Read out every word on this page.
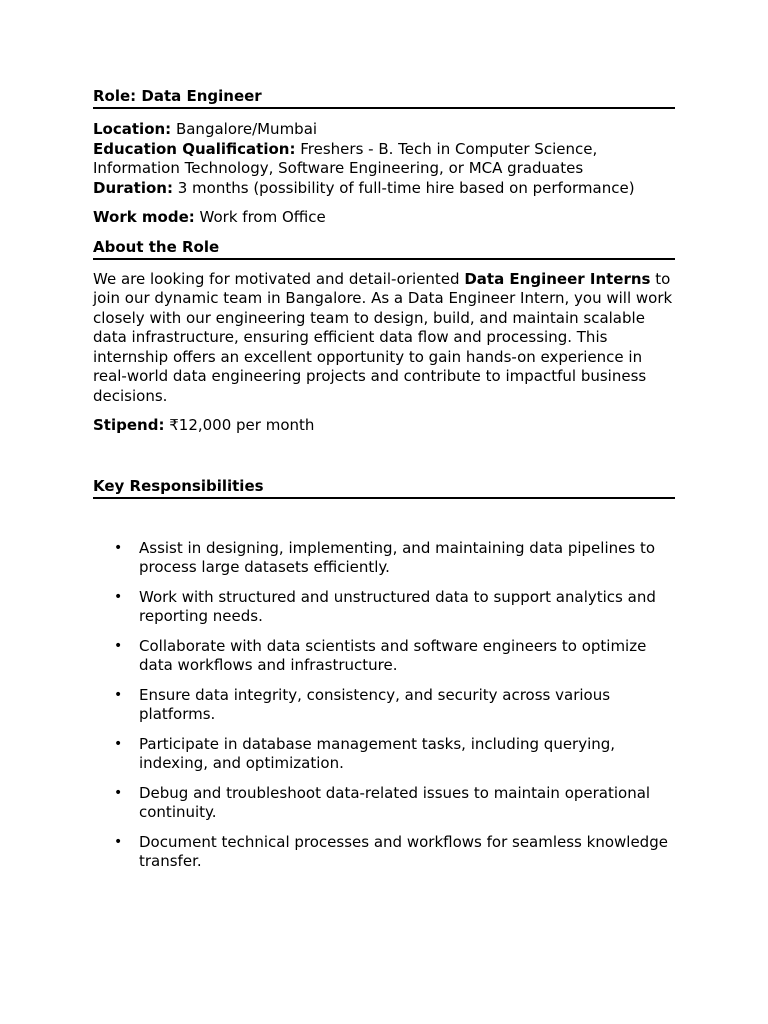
Role: Data Engineer
Location: Bangalore/Mumbai
Education Qualification: Freshers - B. Tech in Computer Science, Information Technology, Software Engineering, or MCA graduates
Duration: 3 months (possibility of full-time hire based on performance)
Work mode: Work from Office
About the Role
We are looking for motivated and detail-oriented Data Engineer Interns to join our dynamic team in Bangalore. As a Data Engineer Intern, you will work closely with our engineering team to design, build, and maintain scalable data infrastructure, ensuring efficient data flow and processing. This internship offers an excellent opportunity to gain hands-on experience in real-world data engineering projects and contribute to impactful business decisions.
Stipend: ₹12,000 per month
Key Responsibilities
• Assist in designing, implementing, and maintaining data pipelines to process large datasets efficiently.
• Work with structured and unstructured data to support analytics and reporting needs.
• Collaborate with data scientists and software engineers to optimize data workflows and infrastructure.
• Ensure data integrity, consistency, and security across various platforms.
• Participate in database management tasks, including querying, indexing, and optimization.
• Debug and troubleshoot data-related issues to maintain operational continuity.
• Document technical processes and workflows for seamless knowledge transfer.
